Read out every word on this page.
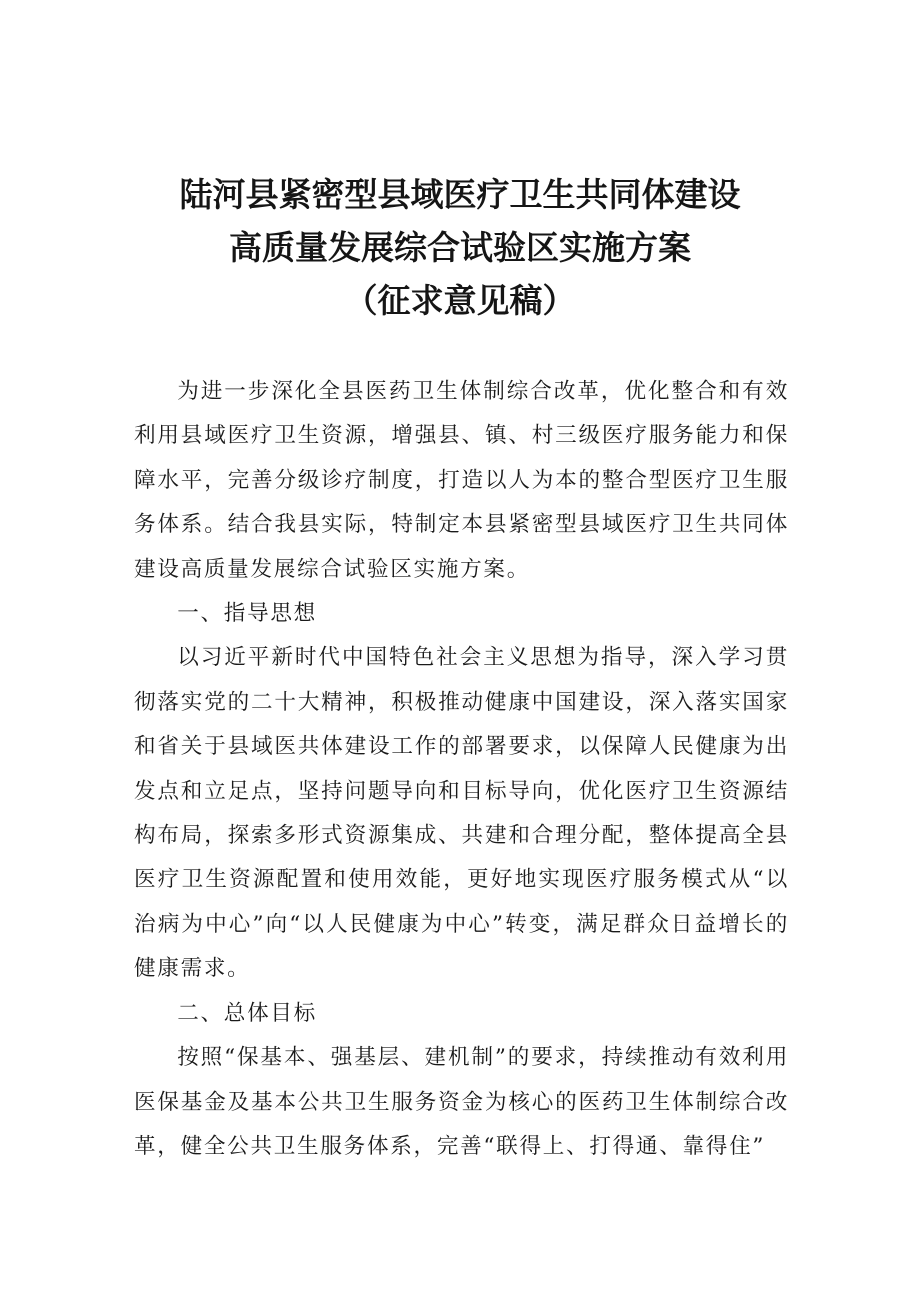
陆河县紧密型县域医疗卫生共同体建设
高质量发展综合试验区实施方案
（征求意见稿）

为进一步深化全县医药卫生体制综合改革，优化整合和有效利用县域医疗卫生资源，增强县、镇、村三级医疗服务能力和保障水平，完善分级诊疗制度，打造以人为本的整合型医疗卫生服务体系。结合我县实际，特制定本县紧密型县域医疗卫生共同体建设高质量发展综合试验区实施方案。

一、指导思想

以习近平新时代中国特色社会主义思想为指导，深入学习贯彻落实党的二十大精神，积极推动健康中国建设，深入落实国家和省关于县域医共体建设工作的部署要求，以保障人民健康为出发点和立足点，坚持问题导向和目标导向，优化医疗卫生资源结构布局，探索多形式资源集成、共建和合理分配，整体提高全县医疗卫生资源配置和使用效能，更好地实现医疗服务模式从“以治病为中心”向“以人民健康为中心”转变，满足群众日益增长的健康需求。

二、总体目标

按照“保基本、强基层、建机制”的要求，持续推动有效利用医保基金及基本公共卫生服务资金为核心的医药卫生体制综合改革，健全公共卫生服务体系，完善“联得上、打得通、靠得住”
